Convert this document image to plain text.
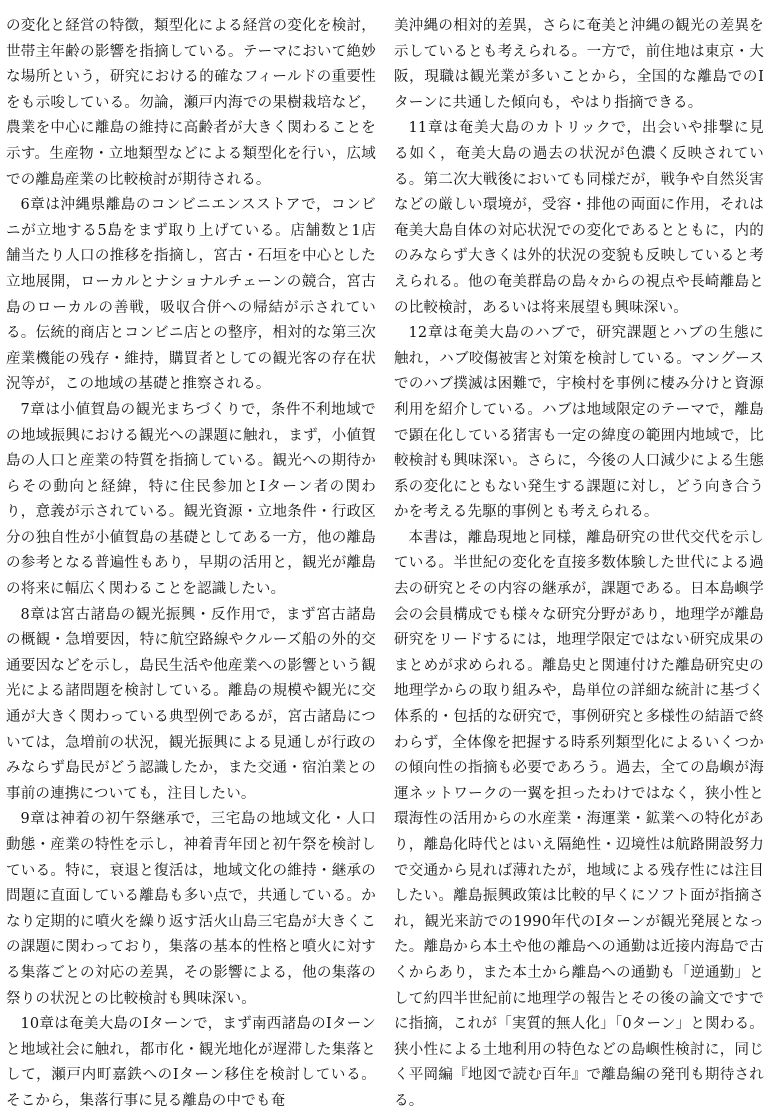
の変化と経営の特徴，類型化による経営の変化を検討，世帯主年齢の影響を指摘している。テーマにおいて絶妙な場所という，研究における的確なフィールドの重要性をも示唆している。勿論，瀬戸内海での果樹栽培など，農業を中心に離島の維持に高齢者が大きく関わることを示す。生産物・立地類型などによる類型化を行い，広域での離島産業の比較検討が期待される。

6章は沖縄県離島のコンビニエンスストアで，コンビニが立地する5島をまず取り上げている。店舗数と1店舗当たり人口の推移を指摘し，宮古・石垣を中心とした立地展開，ローカルとナショナルチェーンの競合，宮古島のローカルの善戦，吸収合併への帰結が示されている。伝統的商店とコンビニ店との整序，相対的な第三次産業機能の残存・維持，購買者としての観光客の存在状況等が，この地域の基礎と推察される。

7章は小値賀島の観光まちづくりで，条件不利地域での地域振興における観光への課題に触れ，まず，小値賀島の人口と産業の特質を指摘している。観光への期待からその動向と経緯，特に住民参加とIターン者の関わり，意義が示されている。観光資源・立地条件・行政区分の独自性が小値賀島の基礎としてある一方，他の離島の参考となる普遍性もあり，早期の活用と，観光が離島の将来に幅広く関わることを認識したい。

8章は宮古諸島の観光振興・反作用で，まず宮古諸島の概観・急増要因，特に航空路線やクルーズ船の外的交通要因などを示し，島民生活や他産業への影響という観光による諸問題を検討している。離島の規模や観光に交通が大きく関わっている典型例であるが，宮古諸島については，急増前の状況，観光振興による見通しが行政のみならず島民がどう認識したか，また交通・宿泊業との事前の連携についても，注目したい。

9章は神着の初午祭継承で，三宅島の地域文化・人口動態・産業の特性を示し，神着青年団と初午祭を検討している。特に，衰退と復活は，地域文化の維持・継承の問題に直面している離島も多い点で，共通している。かなり定期的に噴火を繰り返す活火山島三宅島が大きくこの課題に関わっており，集落の基本的性格と噴火に対する集落ごとの対応の差異，その影響による，他の集落の祭りの状況との比較検討も興味深い。

10章は奄美大島のIターンで，まず南西諸島のIターンと地域社会に触れ，都市化・観光地化が遅滞した集落として，瀬戸内町嘉鉄へのIターン移住を検討している。そこから，集落行事に見る離島の中でも奄

美沖縄の相対的差異，さらに奄美と沖縄の観光の差異を示しているとも考えられる。一方で，前住地は東京・大阪，現職は観光業が多いことから，全国的な離島でのIターンに共通した傾向も，やはり指摘できる。

11章は奄美大島のカトリックで，出会いや排撃に見る如く，奄美大島の過去の状況が色濃く反映されている。第二次大戦後においても同様だが，戦争や自然災害などの厳しい環境が，受容・排他の両面に作用，それは奄美大島自体の対応状況での変化であるとともに，内的のみならず大きくは外的状況の変貌も反映していると考えられる。他の奄美群島の島々からの視点や長崎離島との比較検討，あるいは将来展望も興味深い。

12章は奄美大島のハブで，研究課題とハブの生態に触れ，ハブ咬傷被害と対策を検討している。マングースでのハブ撲滅は困難で，宇検村を事例に棲み分けと資源利用を紹介している。ハブは地域限定のテーマで，離島で顕在化している猪害も一定の緯度の範囲内地域で，比較検討も興味深い。さらに，今後の人口減少による生態系の変化にともない発生する課題に対し，どう向き合うかを考える先駆的事例とも考えられる。

本書は，離島現地と同様，離島研究の世代交代を示している。半世紀の変化を直接多数体験した世代による過去の研究とその内容の継承が，課題である。日本島嶼学会の会員構成でも様々な研究分野があり，地理学が離島研究をリードするには，地理学限定ではない研究成果のまとめが求められる。離島史と関連付けた離島研究史の地理学からの取り組みや，島単位の詳細な統計に基づく体系的・包括的な研究で，事例研究と多様性の結語で終わらず，全体像を把握する時系列類型化によるいくつかの傾向性の指摘も必要であろう。過去，全ての島嶼が海運ネットワークの一翼を担ったわけではなく，狭小性と環海性の活用からの水産業・海運業・鉱業への特化があり，離島化時代とはいえ隔絶性・辺境性は航路開設努力で交通から見れば薄れたが，地域による残存性には注目したい。離島振興政策は比較的早くにソフト面が指摘され，観光来訪での1990年代のIターンが観光発展となった。離島から本土や他の離島への通勤は近接内海島で古くからあり，また本土から離島への通勤も「逆通勤」として約四半世紀前に地理学の報告とその後の論文ですでに指摘，これが「実質的無人化」「0ターン」と関わる。狭小性による土地利用の特色などの島嶼性検討に，同じく平岡編『地図で読む百年』で離島編の発刊も期待される。
